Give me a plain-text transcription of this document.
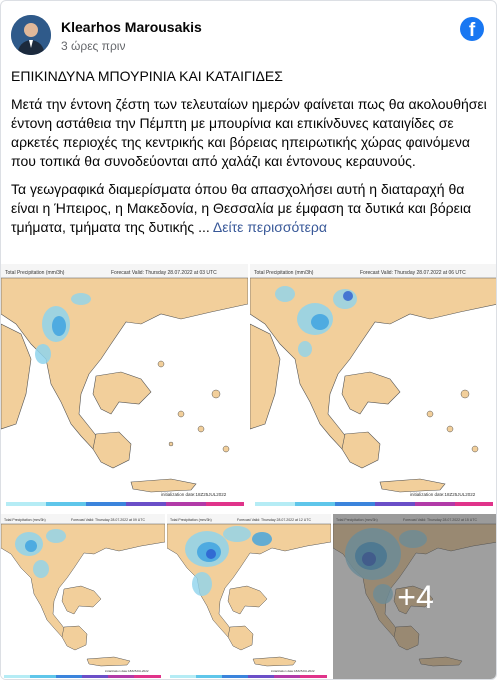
Klearhos Marousakis
3 ώρες πριν
f

ΕΠΙΚΙΝΔΥΝΑ ΜΠΟΥΡΙΝΙΑ ΚΑΙ ΚΑΤΑΙΓΙΔΕΣ

Μετά την έντονη ζέστη των τελευταίων ημερών φαίνεται πως θα ακολουθήσει έντονη αστάθεια την Πέμπτη με μπουρίνια και επικίνδυνες καταιγίδες σε αρκετές περιοχές της κεντρικής και βόρειας ηπειρωτικής χώρας φαινόμενα που τοπικά θα συνοδεύονται από χαλάζι και έντονους κεραυνούς.

Τα γεωγραφικά διαμερίσματα όπου θα απασχολήσει αυτή η διαταραχή θα είναι η Ήπειρος, η Μακεδονία, η Θεσσαλία με έμφαση τα δυτικά και βόρεια τμήματα, τμήματα της δυτικής ... Δείτε περισσότερα

Total Precipitation (mm/3h)	Forecast Valid: Thursday 28.07.2022 at 03 UTC
initialization date:18Z25JUL2022
Total Precipitation (mm/3h)	Forecast Valid: Thursday 28.07.2022 at 06 UTC
initialization date:18Z25JUL2022
Total Precipitation (mm/3h)	Forecast Valid: Thursday 28.07.2022 at 09 UTC
initialization date:18Z25JUL2022
Total Precipitation (mm/3h)	Forecast Valid: Thursday 28.07.2022 at 12 UTC
initialization date:18Z25JUL2022
+4
